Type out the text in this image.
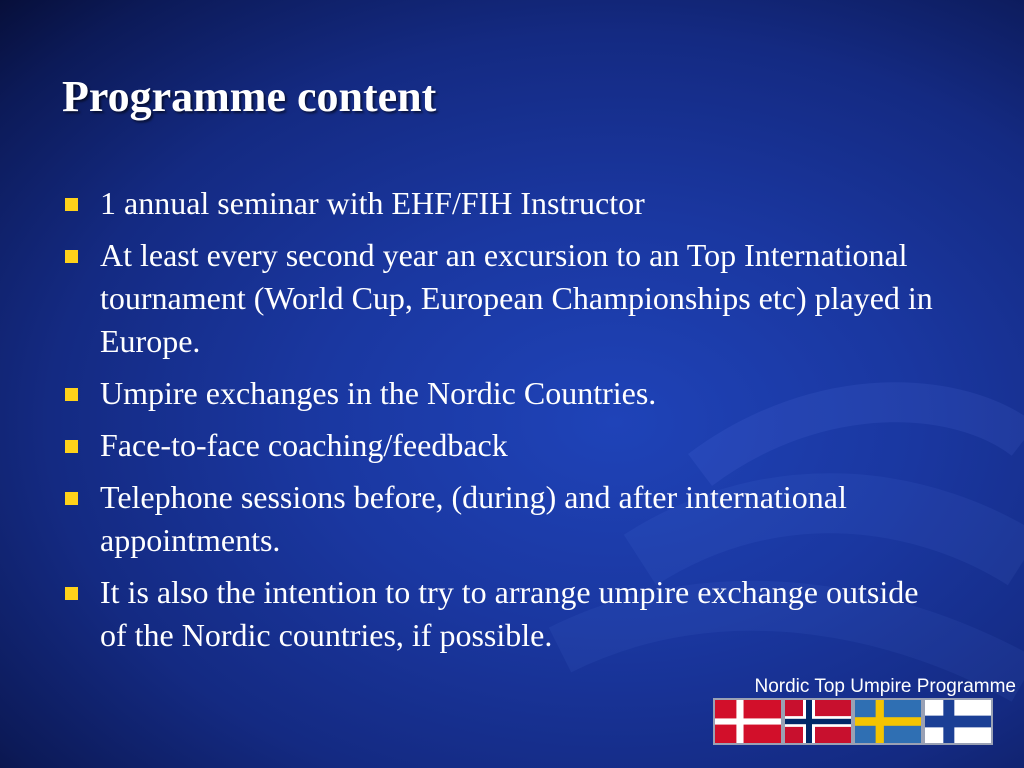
Programme content
1 annual seminar with EHF/FIH Instructor
At least every second year an excursion to an Top International tournament (World Cup, European Championships etc) played in Europe.
Umpire exchanges in the Nordic Countries.
Face-to-face coaching/feedback
Telephone sessions before, (during) and after international appointments.
It is also the intention to try to arrange umpire exchange outside of the Nordic countries, if possible.
Nordic Top Umpire Programme
